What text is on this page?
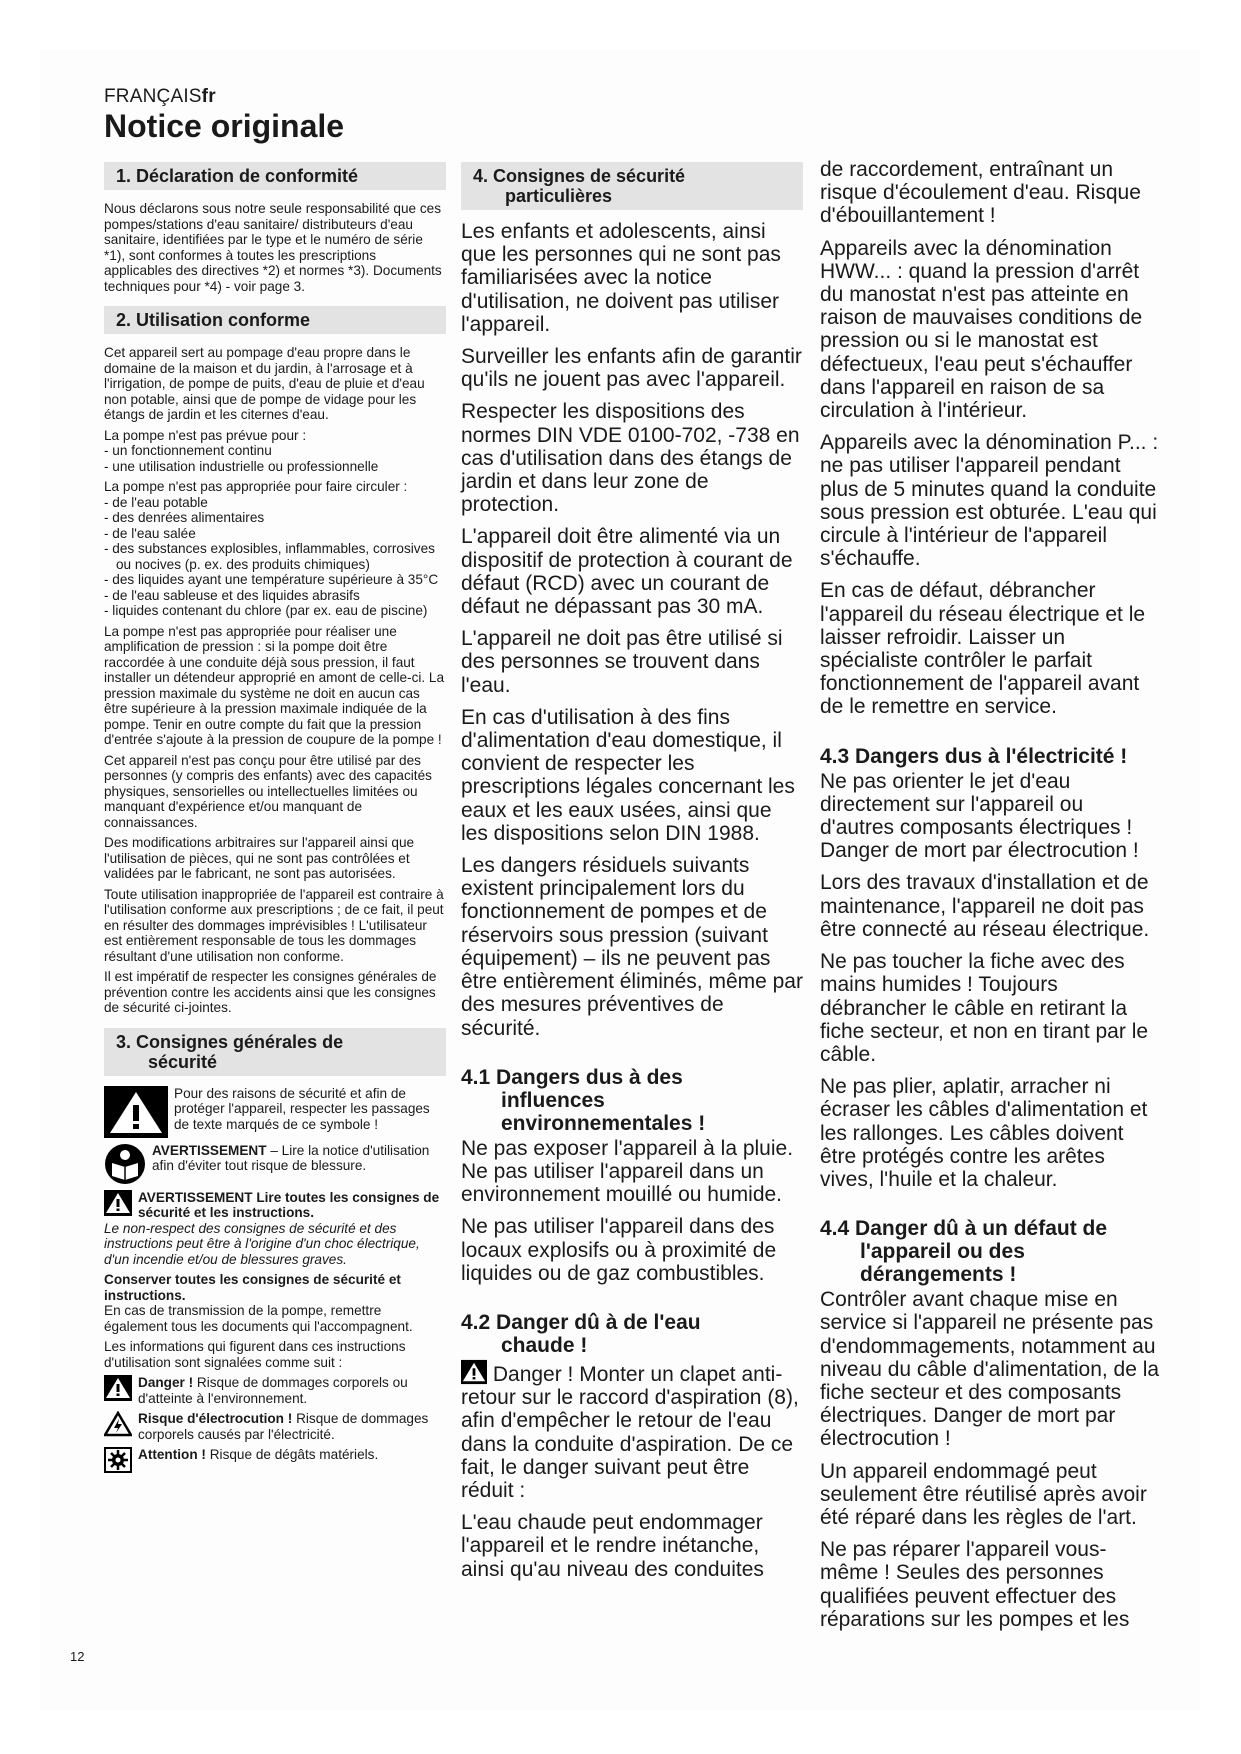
FRANÇAISfr
Notice originale
1. Déclaration de conformité

Nous déclarons sous notre seule responsabilité que ces pompes/stations d'eau sanitaire/ distributeurs d'eau sanitaire, identifiées par le type et le numéro de série *1), sont conformes à toutes les prescriptions applicables des directives *2) et normes *3). Documents techniques pour *4) - voir page 3.

2. Utilisation conforme

Cet appareil sert au pompage d'eau propre dans le domaine de la maison et du jardin, à l'arrosage et à l'irrigation, de pompe de puits, d'eau de pluie et d'eau non potable, ainsi que de pompe de vidage pour les étangs de jardin et les citernes d'eau.

La pompe n'est pas prévue pour :
- un fonctionnement continu
- une utilisation industrielle ou professionnelle
La pompe n'est pas appropriée pour faire circuler :
- de l'eau potable
- des denrées alimentaires
- de l'eau salée
- des substances explosibles, inflammables, corrosives ou nocives (p. ex. des produits chimiques)
- des liquides ayant une température supérieure à 35°C
- de l'eau sableuse et des liquides abrasifs
- liquides contenant du chlore (par ex. eau de piscine)

La pompe n'est pas appropriée pour réaliser une amplification de pression : si la pompe doit être raccordée à une conduite déjà sous pression, il faut installer un détendeur approprié en amont de celle-ci. La pression maximale du système ne doit en aucun cas être supérieure à la pression maximale indiquée de la pompe. Tenir en outre compte du fait que la pression d'entrée s'ajoute à la pression de coupure de la pompe !

Cet appareil n'est pas conçu pour être utilisé par des personnes (y compris des enfants) avec des capacités physiques, sensorielles ou intellectuelles limitées ou manquant d'expérience et/ou manquant de connaissances.

Des modifications arbitraires sur l'appareil ainsi que l'utilisation de pièces, qui ne sont pas contrôlées et validées par le fabricant, ne sont pas autorisées.

Toute utilisation inappropriée de l'appareil est contraire à l'utilisation conforme aux prescriptions ; de ce fait, il peut en résulter des dommages imprévisibles ! L'utilisateur est entièrement responsable de tous les dommages résultant d'une utilisation non conforme.

Il est impératif de respecter les consignes générales de prévention contre les accidents ainsi que les consignes de sécurité ci-jointes.

3. Consignes générales de
sécurité
Pour des raisons de sécurité et afin de protéger l'appareil, respecter les passages de texte marqués de ce symbole !
AVERTISSEMENT – Lire la notice d'utilisation afin d'éviter tout risque de blessure.
AVERTISSEMENT Lire toutes les consignes de sécurité et les instructions.
Le non-respect des consignes de sécurité et des instructions peut être à l'origine d'un choc électrique, d'un incendie et/ou de blessures graves.
Conserver toutes les consignes de sécurité et instructions.
En cas de transmission de la pompe, remettre également tous les documents qui l'accompagnent.

Les informations qui figurent dans ces instructions d'utilisation sont signalées comme suit :

Danger ! Risque de dommages corporels ou d'atteinte à l'environnement.
Risque d'électrocution ! Risque de dommages corporels causés par l'électricité.
Attention ! Risque de dégâts matériels.
4. Consignes de sécurité
particulières

Les enfants et adolescents, ainsi que les personnes qui ne sont pas familiarisées avec la notice d'utilisation, ne doivent pas utiliser l'appareil.

Surveiller les enfants afin de garantir qu'ils ne jouent pas avec l'appareil.

Respecter les dispositions des normes DIN VDE 0100-702, -738 en cas d'utilisation dans des étangs de jardin et dans leur zone de protection.

L'appareil doit être alimenté via un dispositif de protection à courant de défaut (RCD) avec un courant de défaut ne dépassant pas 30 mA.

L'appareil ne doit pas être utilisé si des personnes se trouvent dans l'eau.

En cas d'utilisation à des fins d'alimentation d'eau domestique, il convient de respecter les prescriptions légales concernant les eaux et les eaux usées, ainsi que les dispositions selon DIN 1988.

Les dangers résiduels suivants existent principalement lors du fonctionnement de pompes et de réservoirs sous pression (suivant équipement) – ils ne peuvent pas être entièrement éliminés, même par des mesures préventives de sécurité.

4.1 Dangers dus à des
influences
environnementales !

Ne pas exposer l'appareil à la pluie. Ne pas utiliser l'appareil dans un environnement mouillé ou humide.

Ne pas utiliser l'appareil dans des locaux explosifs ou à proximité de liquides ou de gaz combustibles.

4.2 Danger dû à de l'eau
chaude !

Danger ! Monter un clapet anti-retour sur le raccord d'aspiration (8), afin d'empêcher le retour de l'eau dans la conduite d'aspiration. De ce fait, le danger suivant peut être réduit :

L'eau chaude peut endommager l'appareil et le rendre inétanche, ainsi qu'au niveau des conduites

de raccordement, entraînant un risque d'écoulement d'eau. Risque d'ébouillantement !

Appareils avec la dénomination HWW... : quand la pression d'arrêt du manostat n'est pas atteinte en raison de mauvaises conditions de pression ou si le manostat est défectueux, l'eau peut s'échauffer dans l'appareil en raison de sa circulation à l'intérieur.

Appareils avec la dénomination P... : ne pas utiliser l'appareil pendant plus de 5 minutes quand la conduite sous pression est obturée. L'eau qui circule à l'intérieur de l'appareil s'échauffe.

En cas de défaut, débrancher l'appareil du réseau électrique et le laisser refroidir. Laisser un spécialiste contrôler le parfait fonctionnement de l'appareil avant de le remettre en service.

4.3 Dangers dus à l'électricité !

Ne pas orienter le jet d'eau directement sur l'appareil ou d'autres composants électriques ! Danger de mort par électrocution !

Lors des travaux d'installation et de maintenance, l'appareil ne doit pas être connecté au réseau électrique.

Ne pas toucher la fiche avec des mains humides ! Toujours débrancher le câble en retirant la fiche secteur, et non en tirant par le câble.

Ne pas plier, aplatir, arracher ni écraser les câbles d'alimentation et les rallonges. Les câbles doivent être protégés contre les arêtes vives, l'huile et la chaleur.

4.4 Danger dû à un défaut de
l'appareil ou des
dérangements !

Contrôler avant chaque mise en service si l'appareil ne présente pas d'endommagements, notamment au niveau du câble d'alimentation, de la fiche secteur et des composants électriques. Danger de mort par électrocution !

Un appareil endommagé peut seulement être réutilisé après avoir été réparé dans les règles de l'art.

Ne pas réparer l'appareil vous-même ! Seules des personnes qualifiées peuvent effectuer des réparations sur les pompes et les

12
